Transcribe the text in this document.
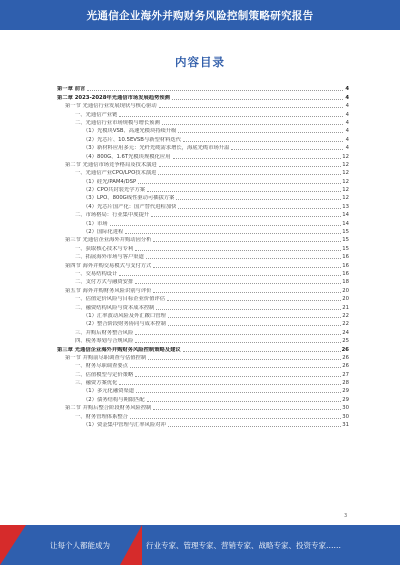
光通信企业海外并购财务风险控制策略研究报告
内容目录
第一章 前言	4
第二章 2023-2028年光通信市场发展趋势预测	4
第一节 光通信行业发展现状与核心驱动	4
一、光通信产业链	4
二、光通信行业市场规模与增长预测	4
（1）光模块VSB、高速光模块持续升级	4
（2）光芯片、10.5EVSB与新型材料迭代	4
（3）新材料应用多元：光纤光缆需求增长，海底光缆市场升温	4
（4）800G、1.6T光模块规模化应用	12
第二节 光通信市场竞争格局及技术演进	12
一、光通信产业CPO/LPO技术演进	12
（1）硅光/PAM4/DSP	12
（2）CPO共封装光学方案	12
（3）LPO、800G线性驱动可插拔方案	12
（4）光芯片国产化：国产替代进程加快	13
二、市场格局：行业集中度提升	14
（1）市场	14
（2）国际化进程	15
第三节 光通信企业海外并购动因分析	15
一、获取核心技术与专利	15
二、拓展海外市场与客户渠道	16
第四节 海外并购交易模式与支付方式	16
一、交易结构设计	16
二、支付方式与融资安排	18
第五节 海外并购财务风险识别与评价	20
一、估值定价风险与目标企业价值评估	20
二、融资结构风险与资本成本控制	21
（1）汇率波动风险及外汇敞口管理	22
（2）整合阶段财务协同与成本控制	22
三、并购后财务整合风险	24
四、税务筹划与合规风险	25
第三章 光通信企业海外并购财务风险控制策略及建议	26
第一节 并购前尽职调查与估值控制	26
一、财务尽职调查要点	26
二、估值模型与定价策略	27
三、融资方案优化	28
（1）多元化融资渠道	29
（2）债务结构与期限匹配	29
第二节 并购后整合阶段财务风险控制	30
一、财务管理体系整合	30
（1）资金集中管理与汇率风险对冲	31
3
让每个人都能成为	行业专家、管理专家、营销专家、战略专家、投资专家……
